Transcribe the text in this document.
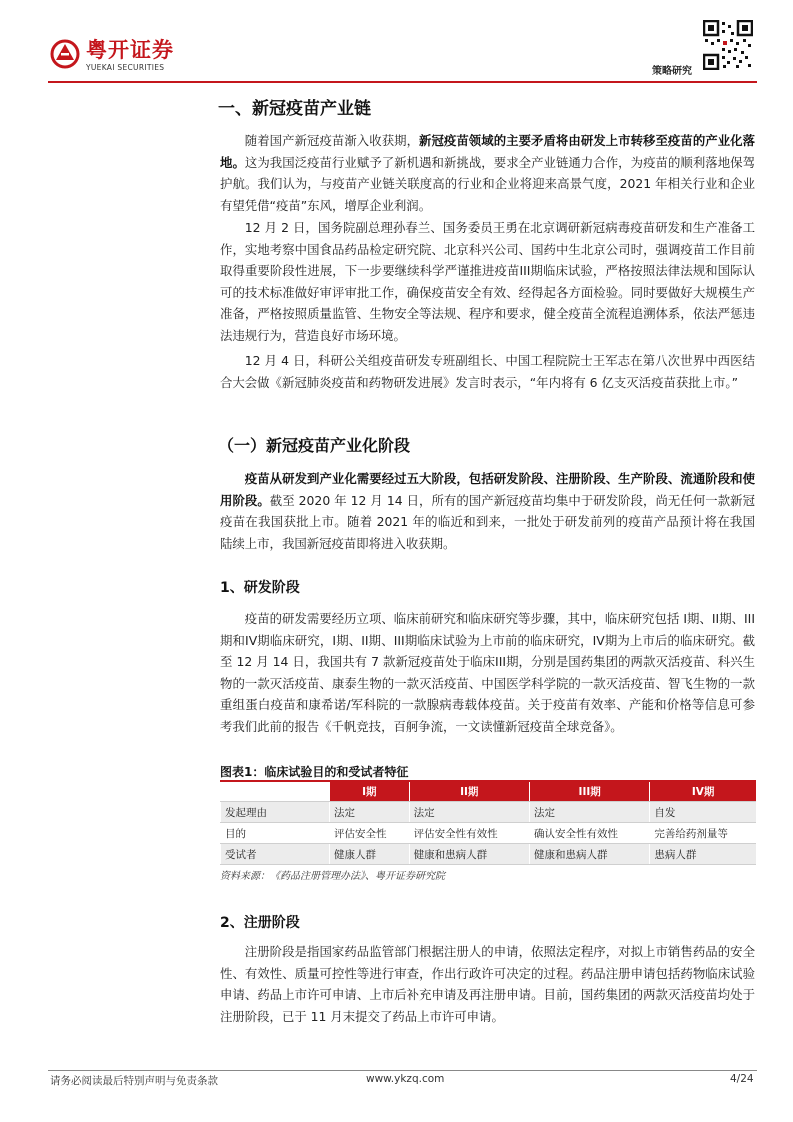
粤开证券
YUEKAI SECURITIES	策略研究
一、新冠疫苗产业链

随着国产新冠疫苗渐入收获期，新冠疫苗领域的主要矛盾将由研发上市转移至疫苗的产业化落地。这为我国泛疫苗行业赋予了新机遇和新挑战，要求全产业链通力合作，为疫苗的顺利落地保驾护航。我们认为，与疫苗产业链关联度高的行业和企业将迎来高景气度，2021 年相关行业和企业有望凭借“疫苗”东风，增厚企业利润。

12 月 2 日，国务院副总理孙春兰、国务委员王勇在北京调研新冠病毒疫苗研发和生产准备工作，实地考察中国食品药品检定研究院、北京科兴公司、国药中生北京公司时，强调疫苗工作目前取得重要阶段性进展，下一步要继续科学严谨推进疫苗III期临床试验，严格按照法律法规和国际认可的技术标准做好审评审批工作，确保疫苗安全有效、经得起各方面检验。同时要做好大规模生产准备，严格按照质量监管、生物安全等法规、程序和要求，健全疫苗全流程追溯体系，依法严惩违法违规行为，营造良好市场环境。

12 月 4 日，科研公关组疫苗研发专班副组长、中国工程院院士王军志在第八次世界中西医结合大会做《新冠肺炎疫苗和药物研发进展》发言时表示，“年内将有 6 亿支灭活疫苗获批上市。”

（一）新冠疫苗产业化阶段

疫苗从研发到产业化需要经过五大阶段，包括研发阶段、注册阶段、生产阶段、流通阶段和使用阶段。截至 2020 年 12 月 14 日，所有的国产新冠疫苗均集中于研发阶段，尚无任何一款新冠疫苗在我国获批上市。随着 2021 年的临近和到来，一批处于研发前列的疫苗产品预计将在我国陆续上市，我国新冠疫苗即将进入收获期。

1、研发阶段

疫苗的研发需要经历立项、临床前研究和临床研究等步骤，其中，临床研究包括 I期、II期、III期和IV期临床研究，I期、II期、III期临床试验为上市前的临床研究，IV期为上市后的临床研究。截至 12 月 14 日，我国共有 7 款新冠疫苗处于临床III期，分别是国药集团的两款灭活疫苗、科兴生物的一款灭活疫苗、康泰生物的一款灭活疫苗、中国医学科学院的一款灭活疫苗、智飞生物的一款重组蛋白疫苗和康希诺/军科院的一款腺病毒载体疫苗。关于疫苗有效率、产能和价格等信息可参考我们此前的报告《千帆竞技，百舸争流，一文读懂新冠疫苗全球竞备》。

图表1：临床试验目的和受试者特征
	I期	II期	III期	IV期
发起理由	法定	法定	法定	自发
目的	评估安全性	评估安全性有效性	确认安全性有效性	完善给药剂量等
受试者	健康人群	健康和患病人群	健康和患病人群	患病人群
资料来源：《药品注册管理办法》、粤开证券研究院
2、注册阶段

注册阶段是指国家药品监管部门根据注册人的申请，依照法定程序，对拟上市销售药品的安全性、有效性、质量可控性等进行审查，作出行政许可决定的过程。药品注册申请包括药物临床试验申请、药品上市许可申请、上市后补充申请及再注册申请。目前，国药集团的两款灭活疫苗均处于注册阶段，已于 11 月末提交了药品上市许可申请。

请务必阅读最后特别声明与免责条款	www.ykzq.com	4/24
